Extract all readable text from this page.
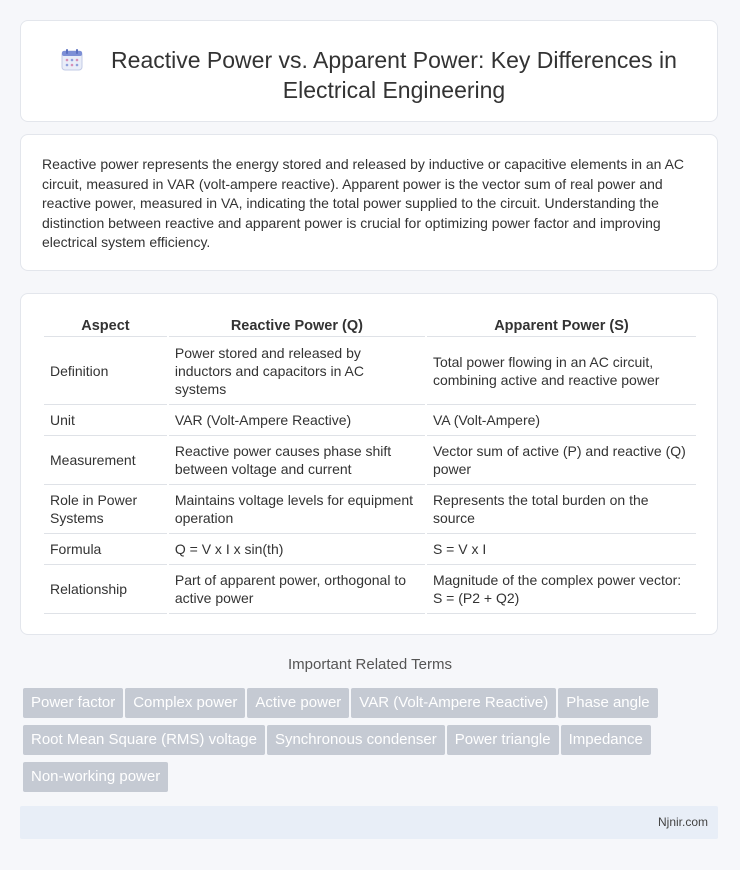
Reactive Power vs. Apparent Power: Key Differences in Electrical Engineering
Reactive power represents the energy stored and released by inductive or capacitive elements in an AC circuit, measured in VAR (volt-ampere reactive). Apparent power is the vector sum of real power and reactive power, measured in VA, indicating the total power supplied to the circuit. Understanding the distinction between reactive and apparent power is crucial for optimizing power factor and improving electrical system efficiency.
Aspect	Reactive Power (Q)	Apparent Power (S)
Definition	Power stored and released by inductors and capacitors in AC systems	Total power flowing in an AC circuit, combining active and reactive power
Unit	VAR (Volt-Ampere Reactive)	VA (Volt-Ampere)
Measurement	Reactive power causes phase shift between voltage and current	Vector sum of active (P) and reactive (Q) power
Role in Power Systems	Maintains voltage levels for equipment operation	Represents the total burden on the source
Formula	Q = V x I x sin(th)	S = V x I
Relationship	Part of apparent power, orthogonal to active power	Magnitude of the complex power vector: S = (P2 + Q2)
Important Related Terms
Power factor Complex power Active power VAR (Volt-Ampere Reactive) Phase angleRoot Mean Square (RMS) voltage Synchronous condenser Power triangle ImpedanceNon-working power
Njnir.com
